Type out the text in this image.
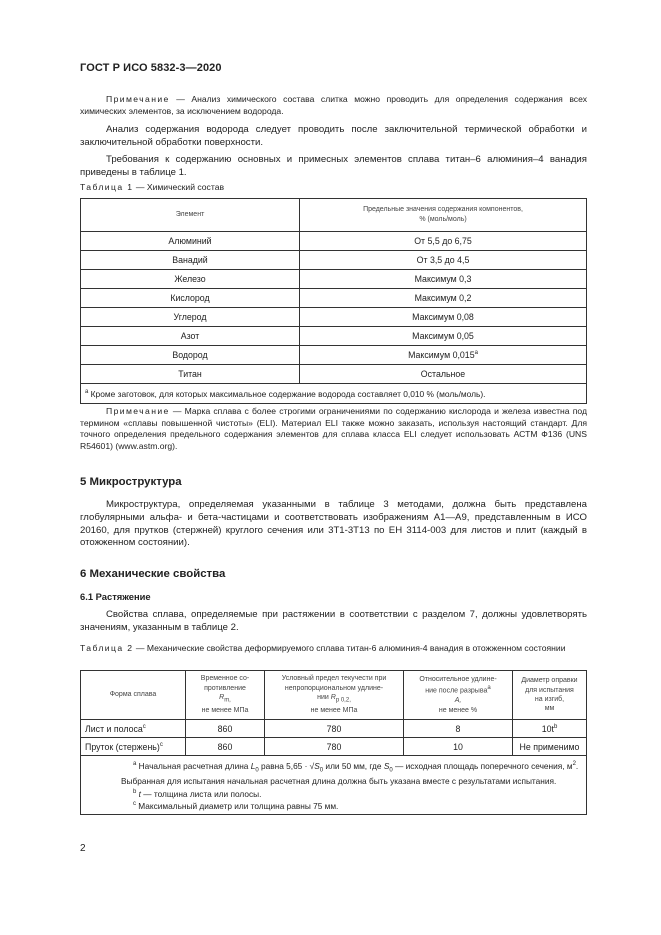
ГОСТ Р ИСО 5832-3—2020

Примечание — Анализ химического состава слитка можно проводить для определения содержания всех химических элементов, за исключением водорода.

Анализ содержания водорода следует проводить после заключительной термической обработки и заключительной обработки поверхности.

Требования к содержанию основных и примесных элементов сплава титан–6 алюминия–4 ванадия приведены в таблице 1.

Таблица 1 — Химический состав

Элемент	Предельные значения содержания компонентов,
% (моль/моль)
Алюминий	От 5,5 до 6,75
Ванадий	От 3,5 до 4,5
Железо	Максимум 0,3
Кислород	Максимум 0,2
Углерод	Максимум 0,08
Азот	Максимум 0,05
Водород	Максимум 0,015$^a$
Титан	Остальное
$^a$ Кроме заготовок, для которых максимальное содержание водорода составляет 0,010 % (моль/моль).	

Примечание — Марка сплава с более строгими ограничениями по содержанию кислорода и железа известна под термином «сплавы повышенной чистоты» (ELI). Материал ELI также можно заказать, используя настоящий стандарт. Для точного определения предельного содержания элементов для сплава класса ELI следует использовать АСТМ Ф136 (UNS R54601) (www.astm.org).

5 Микроструктура

Микроструктура, определяемая указанными в таблице 3 методами, должна быть представлена глобулярными альфа- и бета-частицами и соответствовать изображениям А1—А9, представленным в ИСО 20160, для прутков (стержней) круглого сечения или 3Т1-3Т13 по ЕН 3114-003 для листов и плит (каждый в отожженном состоянии).

6 Механические свойства
6.1 Растяжение

Свойства сплава, определяемые при растяжении в соответствии с разделом 7, должны удовлетворять значениям, указанным в таблице 2.

Таблица 2 — Механические свойства деформируемого сплава титан-6 алюминия-4 ванадия в отожженном состоянии

Форма сплава	Временное со-
противление
$R_{m,}$
не менее МПа	Условный предел текучести при
непропорциональном удлине-
нии $R_{p 0,2,}$
не менее МПа	Относительное удлине-
ние после разрыва$^a$
A,
не менее %	Диаметр оправки
для испытания
на изгиб,
мм
Лист и полоса$^c$	860	780	8	$10t^b$
Пруток (стержень)$^c$	860	780	10	Не применимо

$^a$ Начальная расчетная длина $L_0$ равна $5,65 \cdot √S_0$ или 50 мм, где $S_0$ — исходная площадь поперечного сечения, $м^2$. Выбранная для испытания начальная расчетная длина должна быть указана вместе с результатами испытания.
$^b$ t — толщина листа или полосы.
$^c$ Максимальный диаметр или толщина равны 75 мм.				
2
